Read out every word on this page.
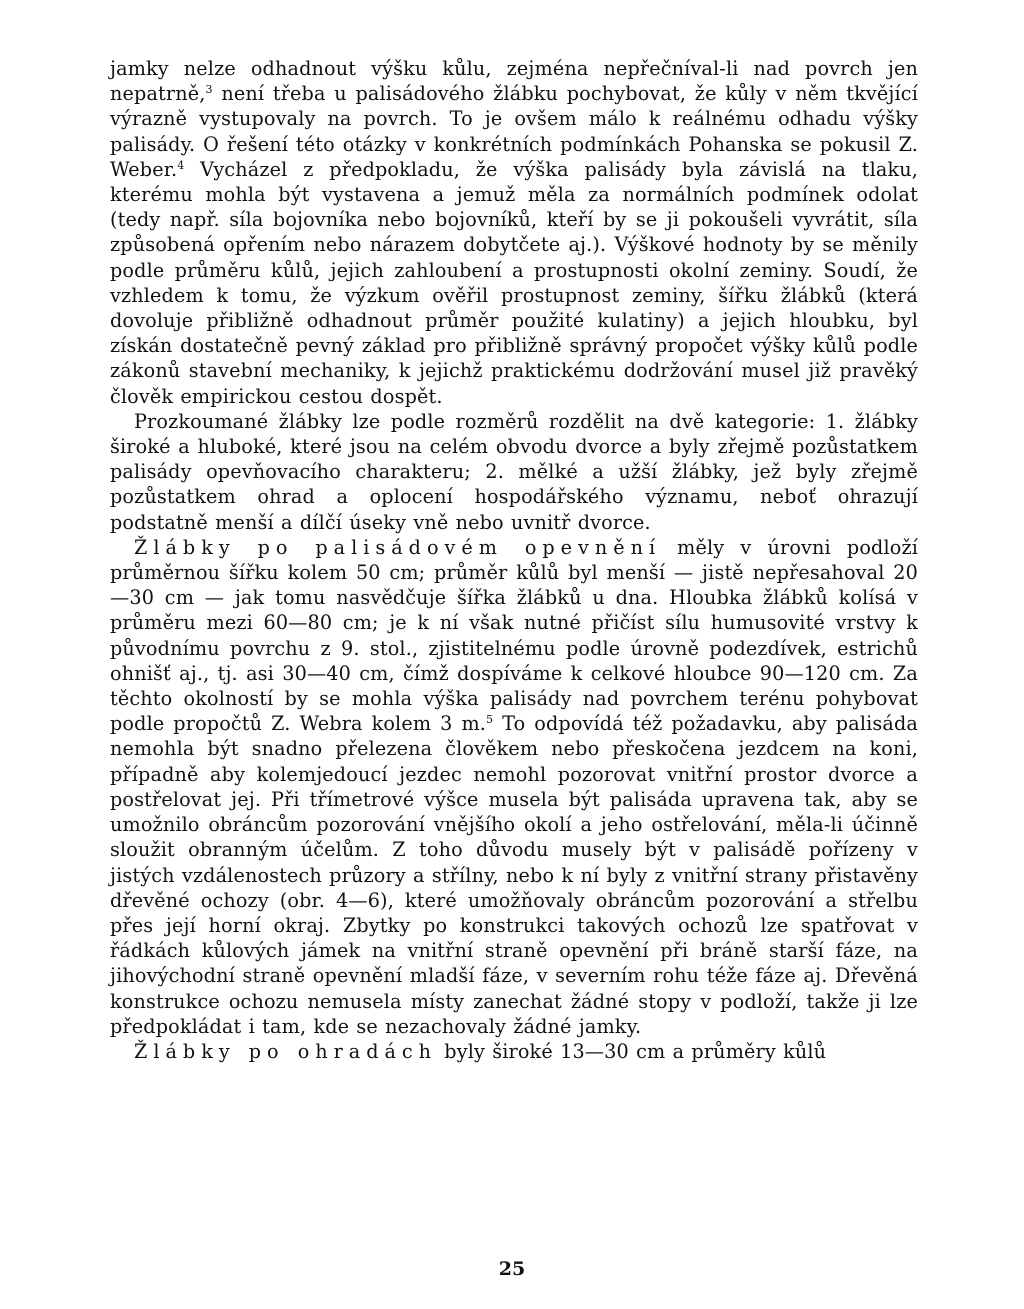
jamky nelze odhadnout výšku kůlu, zejména nepřečníval-li nad povrch jen nepatrně,$^3$ není třeba u palisádového žlábku pochybovat, že kůly v něm tkvějící výrazně vystupovaly na povrch. To je ovšem málo k reálnému odhadu výšky palisády. O řešení této otázky v konkrétních podmínkách Pohanska se pokusil Z. Weber.$^4$ Vycházel z předpokladu, že výška palisády byla závislá na tlaku, kterému mohla být vystavena a jemuž měla za normálních podmínek odolat (tedy např. síla bojovníka nebo bojovníků, kteří by se ji pokoušeli vyvrátit, síla způsobená opřením nebo nárazem dobytčete aj.). Výškové hodnoty by se měnily podle průměru kůlů, jejich zahloubení a prostupnosti okolní zeminy. Soudí, že vzhledem k tomu, že výzkum ověřil prostupnost zeminy, šířku žlábků (která dovoluje přibližně odhadnout průměr použité kulatiny) a jejich hloubku, byl získán dostatečně pevný základ pro přibližně správný propočet výšky kůlů podle zákonů stavební mechaniky, k jejichž praktickému dodržování musel již pravěký člověk empirickou cestou dospět.

Prozkoumané žlábky lze podle rozměrů rozdělit na dvě kategorie: 1. žlábky široké a hluboké, které jsou na celém obvodu dvorce a byly zřejmě pozůstatkem palisády opevňovacího charakteru; 2. mělké a užší žlábky, jež byly zřejmě pozůstatkem ohrad a oplocení hospodářského významu, neboť ohrazují podstatně menší a dílčí úseky vně nebo uvnitř dvorce.

Žlábky po palisádovém opevnění měly v úrovni podloží průměrnou šířku kolem 50 cm; průměr kůlů byl menší — jistě nepřesahoval 20—30 cm — jak tomu nasvědčuje šířka žlábků u dna. Hloubka žlábků kolísá v průměru mezi 60—80 cm; je k ní však nutné přičíst sílu humusovité vrstvy k původnímu povrchu z 9. stol., zjistitelnému podle úrovně podezdívek, estrichů ohnišť aj., tj. asi 30—40 cm, čímž dospíváme k celkové hloubce 90—120 cm. Za těchto okolností by se mohla výška palisády nad povrchem terénu pohybovat podle propočtů Z. Webra kolem 3 m.$^5$ To odpovídá též požadavku, aby palisáda nemohla být snadno přelezena člověkem nebo přeskočena jezdcem na koni, případně aby kolemjedoucí jezdec nemohl pozorovat vnitřní prostor dvorce a postřelovat jej. Při třímetrové výšce musela být palisáda upravena tak, aby se umožnilo obráncům pozorování vnějšího okolí a jeho ostřelování, měla-li účinně sloužit obranným účelům. Z toho důvodu musely být v palisádě pořízeny v jistých vzdálenostech průzory a střílny, nebo k ní byly z vnitřní strany přistavěny dřevěné ochozy (obr. 4—6), které umožňovaly obráncům pozorování a střelbu přes její horní okraj. Zbytky po konstrukci takových ochozů lze spatřovat v řádkách kůlových jámek na vnitřní straně opevnění při bráně starší fáze, na jihovýchodní straně opevnění mladší fáze, v severním rohu téže fáze aj. Dřevěná konstrukce ochozu nemusela místy zanechat žádné stopy v podloží, takže ji lze předpokládat i tam, kde se nezachovaly žádné jamky.

Žlábky po ohradách byly široké 13—30 cm a průměry kůlů

25
